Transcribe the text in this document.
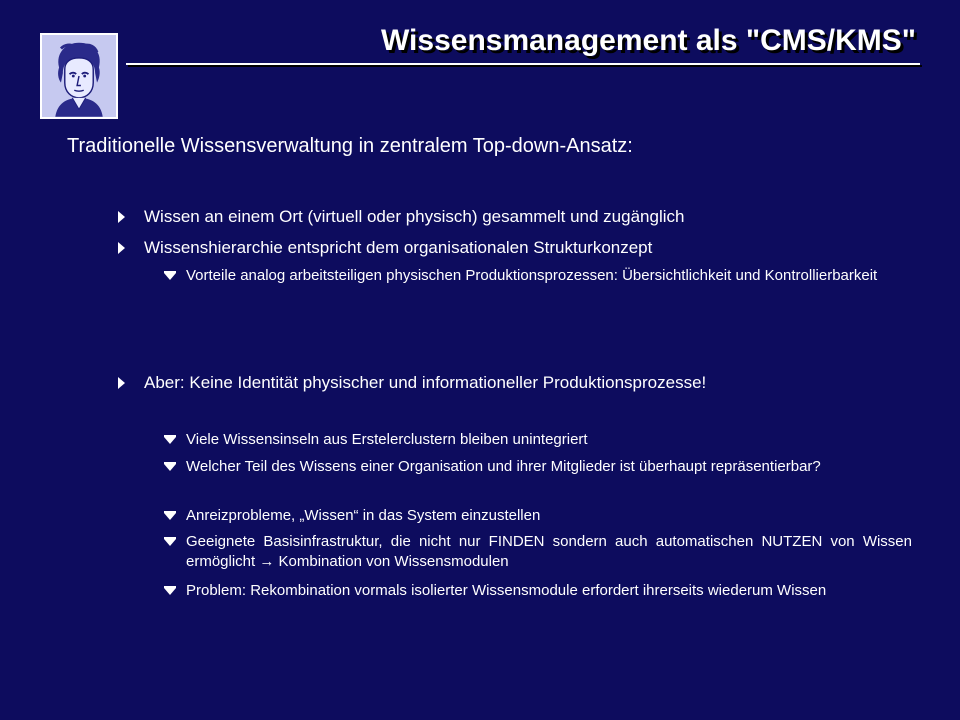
Wissensmanagement als "CMS/KMS"
Traditionelle Wissensverwaltung in zentralem Top-down-Ansatz:
Wissen an einem Ort (virtuell oder physisch) gesammelt und zugänglich
Wissenshierarchie entspricht dem organisationalen Strukturkonzept
Vorteile analog arbeitsteiligen physischen Produktionsprozessen: Übersichtlichkeit und Kontrollierbarkeit
Aber: Keine Identität physischer und informationeller Produktionsprozesse!
Viele Wissensinseln aus Erstelerclustern bleiben unintegriert
Welcher Teil des Wissens einer Organisation und ihrer Mitglieder ist überhaupt repräsentierbar?
Anreizprobleme, „Wissen“ in das System einzustellen
Geeignete Basisinfrastruktur, die nicht nur FINDEN sondern auch automatischen NUTZEN von Wissen ermöglicht → Kombination von Wissensmodulen
Problem: Rekombination vormals isolierter Wissensmodule erfordert ihrerseits wiederum Wissen
